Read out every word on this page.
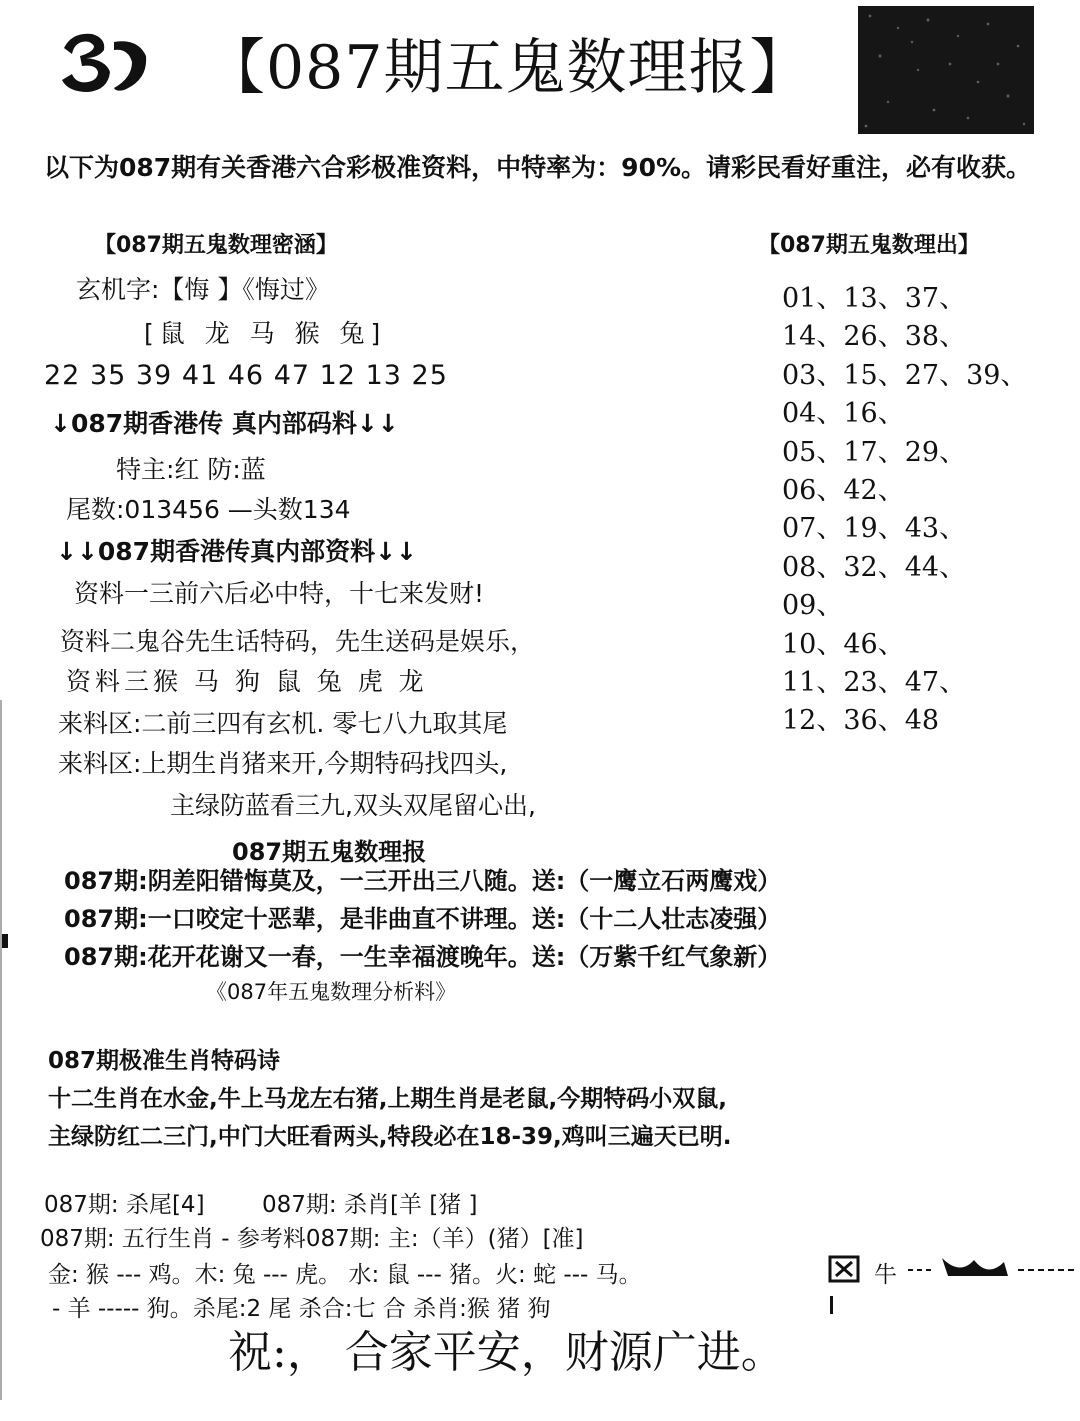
【087期五鬼数理报】
以下为087期有关香港六合彩极准资料，中特率为：90%。请彩民看好重注，必有收获。
【087期五鬼数理密涵】
玄机字:【悔 】《悔过》
[鼠 龙 马 猴 兔]
22 35 39 41 46 47 12 13 25
↓087期香港传 真内部码料↓↓
特主:红 防:蓝
尾数:013456 —头数134
↓↓087期香港传真内部资料↓↓
资料一三前六后必中特，十七来发财!
资料二鬼谷先生话特码，先生送码是娱乐，
资料三猴 马 狗 鼠 兔 虎 龙
来料区:二前三四有玄机. 零七八九取其尾
来料区:上期生肖猪来开,今期特码找四头,
主绿防蓝看三九,双头双尾留心出,
【087期五鬼数理出】
01、13、37、
14、26、38、
03、15、27、39、
04、16、
05、17、29、
06、42、
07、19、43、
08、32、44、
09、
10、46、
11、23、47、
12、36、48
087期五鬼数理报
087期:阴差阳错悔莫及，一三开出三八随。送:（一鹰立石两鹰戏）
087期:一口咬定十恶辈，是非曲直不讲理。送:（十二人壮志凌强）
087期:花开花谢又一春，一生幸福渡晚年。送:（万紫千红气象新）
《087年五鬼数理分析料》
087期极准生肖特码诗
十二生肖在水金,牛上马龙左右猪,上期生肖是老鼠,今期特码小双鼠,
主绿防红二三门,中门大旺看两头,特段必在18-39,鸡叫三遍天已明.
087期: 杀尾[4] 087期: 杀肖[羊 [猪 ]
087期: 五行生肖 - 参考料087期: 主:（羊）(猪）[准]
金: 猴 --- 鸡。木: 兔 --- 虎。 水: 鼠 --- 猪。火: 蛇 --- 马。	牛
- 羊 ----- 狗。杀尾:2 尾 杀合:七 合 杀肖:猴 猪 狗
祝:， 合家平安，财源广进。
